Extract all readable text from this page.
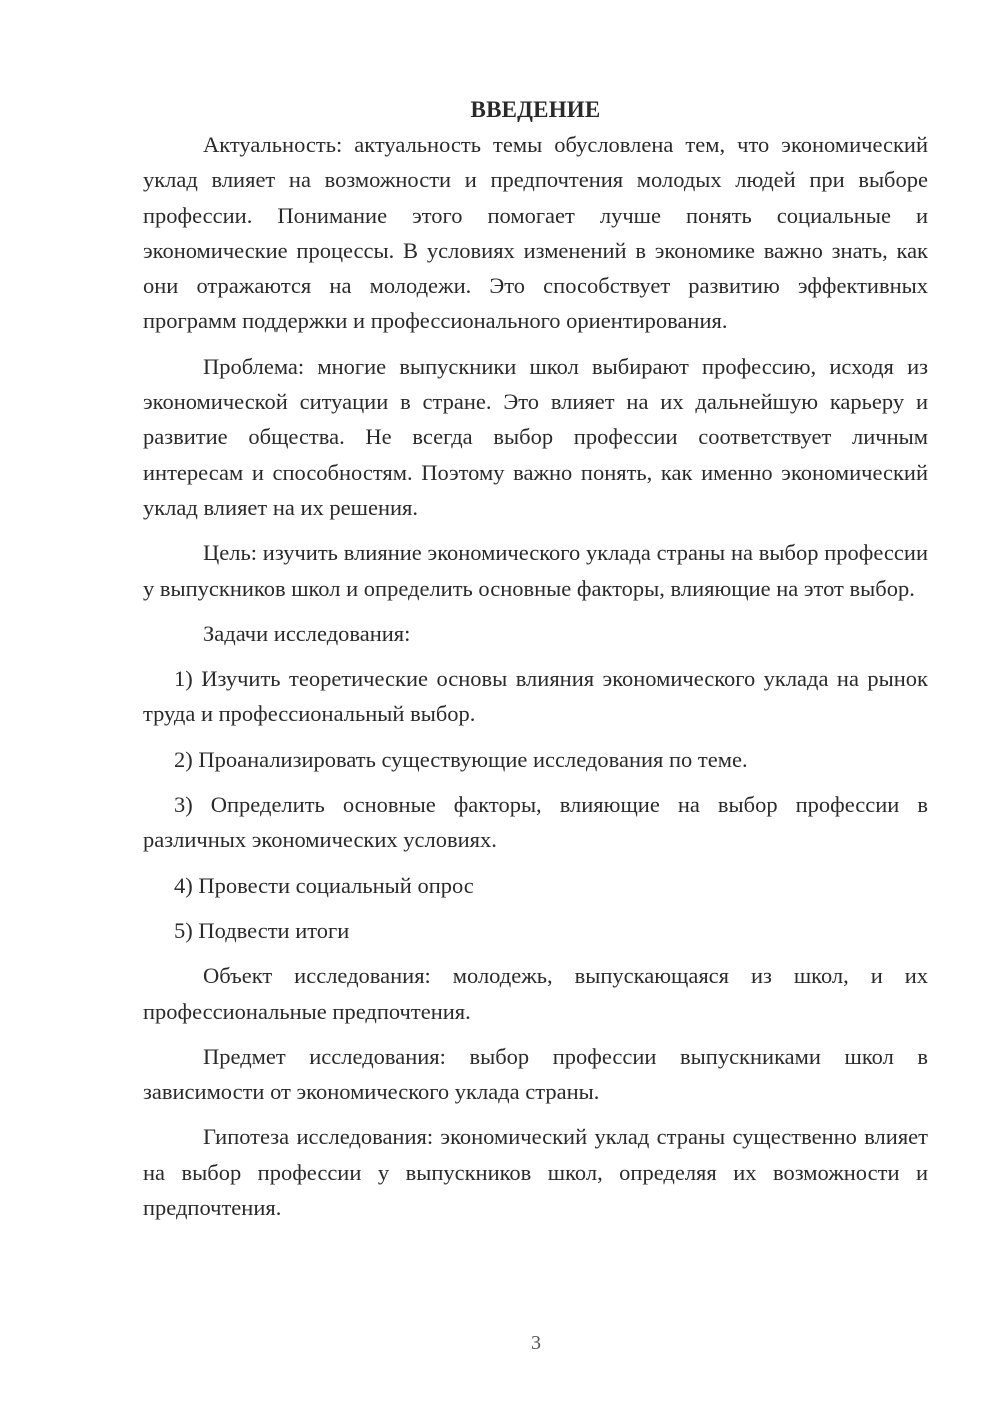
ВВЕДЕНИЕ

Актуальность: актуальность темы обусловлена тем, что экономический уклад влияет на возможности и предпочтения молодых людей при выборе профессии. Понимание этого помогает лучше понять социальные и экономические процессы. В условиях изменений в экономике важно знать, как они отражаются на молодежи. Это способствует развитию эффективных программ поддержки и профессионального ориентирования.

Проблема: многие выпускники школ выбирают профессию, исходя из экономической ситуации в стране. Это влияет на их дальнейшую карьеру и развитие общества. Не всегда выбор профессии соответствует личным интересам и способностям. Поэтому важно понять, как именно экономический уклад влияет на их решения.

Цель: изучить влияние экономического уклада страны на выбор профессии у выпускников школ и определить основные факторы, влияющие на этот выбор.

Задачи исследования:

1) Изучить теоретические основы влияния экономического уклада на рынок труда и профессиональный выбор.

2) Проанализировать существующие исследования по теме.

3) Определить основные факторы, влияющие на выбор профессии в различных экономических условиях.

4) Провести социальный опрос

5) Подвести итоги

Объект исследования: молодежь, выпускающаяся из школ, и их профессиональные предпочтения.

Предмет исследования: выбор профессии выпускниками школ в зависимости от экономического уклада страны.

Гипотеза исследования: экономический уклад страны существенно влияет на выбор профессии у выпускников школ, определяя их возможности и предпочтения.

3
